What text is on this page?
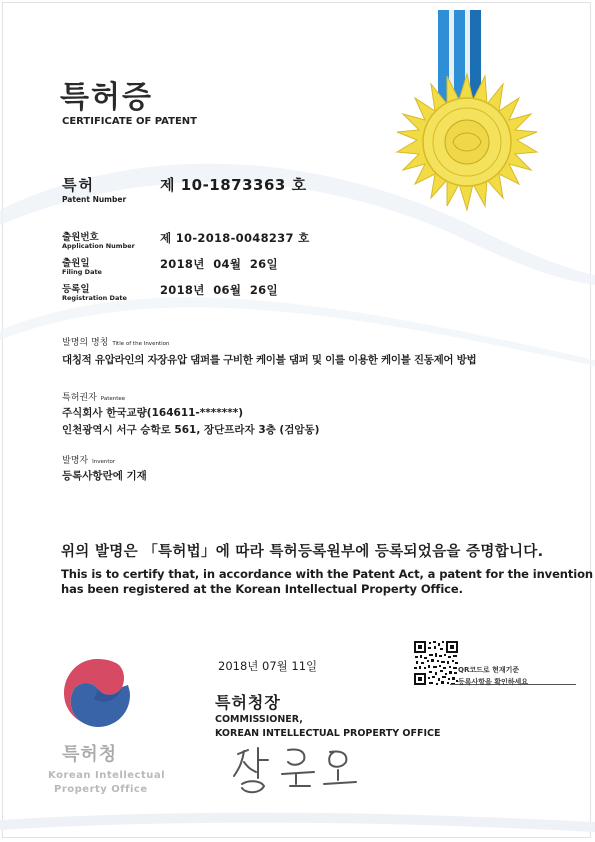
특허증
CERTIFICATE OF PATENT
특허
Patent Number
제 10-1873363 호
출원번호
Application Number
제 10-2018-0048237 호
출원일
Filing Date
2018년  04월  26일
등록일
Registration Date
2018년  06월  26일
발명의 명칭 Title of the Invention
대칭적 유압라인의 자장유압 댐퍼를 구비한 케이블 댐퍼 및 이를 이용한 케이블 진동제어 방법
특허권자 Patentee
주식회사 한국교량(164611-*******)
인천광역시 서구 승학로 561, 장단프라자 3층 (검암동)
발명자 Inventor
등록사항란에 기재
위의 발명은 「특허법」에 따라 특허등록원부에 등록되었음을 증명합니다.
This is to certify that, in accordance with the Patent Act, a patent for the invention
has been registered at the Korean Intellectual Property Office.
2018년 07월 11일	QR코드로 현재기준
등록사항을 확인하세요
특허청장
COMMISSIONER,
KOREAN INTELLECTUAL PROPERTY OFFICE
특허청
Korean Intellectual
Property Office
